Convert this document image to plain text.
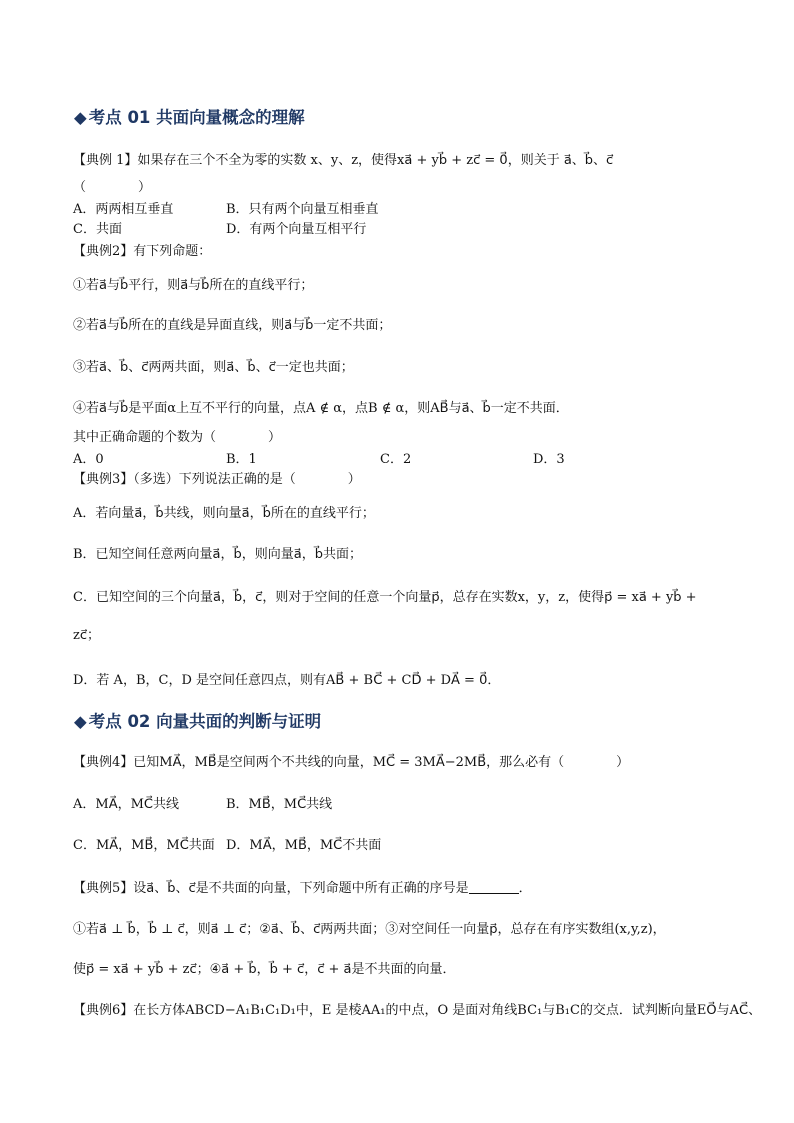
◆ 考点 01 共面向量概念的理解
【典例 1】如果存在三个不全为零的实数 x、y、z，使得xa⃗ + yb⃗ + zc⃗ = 0⃗，则关于 a⃗、b⃗、c⃗
（　　　　）
A．两两相互垂直	B．只有两个向量互相垂直
C．共面	D．有两个向量互相平行
【典例2】有下列命题：
①若a⃗与b⃗平行，则a⃗与b⃗所在的直线平行；
②若a⃗与b⃗所在的直线是异面直线，则a⃗与b⃗一定不共面；
③若a⃗、b⃗、c⃗两两共面，则a⃗、b⃗、c⃗一定也共面；
④若a⃗与b⃗是平面α上互不平行的向量，点A ∉ α，点B ∉ α，则AB⃗与a⃗、b⃗一定不共面．
其中正确命题的个数为（　　　　）
A．0	B．1	C．2	D．3
【典例3】（多选）下列说法正确的是（　　　　）
A．若向量a⃗，b⃗共线，则向量a⃗，b⃗所在的直线平行；
B．已知空间任意两向量a⃗，b⃗，则向量a⃗，b⃗共面；
C．已知空间的三个向量a⃗，b⃗，c⃗，则对于空间的任意一个向量p⃗，总存在实数x，y，z，使得p⃗ = xa⃗ + yb⃗ +
zc⃗；
D．若 A，B，C，D 是空间任意四点，则有AB⃗ + BC⃗ + CD⃗ + DA⃗ = 0⃗．
◆ 考点 02 向量共面的判断与证明
【典例4】已知MA⃗，MB⃗是空间两个不共线的向量，MC⃗ = 3MA⃗−2MB⃗，那么必有（　　　　）
A．MA⃗，MC⃗共线	B．MB⃗，MC⃗共线
C．MA⃗，MB⃗，MC⃗共面 D．MA⃗，MB⃗，MC⃗不共面
【典例5】设a⃗、b⃗、c⃗是不共面的向量，下列命题中所有正确的序号是	．
①若a⃗ ⊥ b⃗，b⃗ ⊥ c⃗，则a⃗ ⊥ c⃗；②a⃗、b⃗、c⃗两两共面；③对空间任一向量p⃗，总存在有序实数组(x,y,z)，
使p⃗ = xa⃗ + yb⃗ + zc⃗；④a⃗ + b⃗，b⃗ + c⃗，c⃗ + a⃗是不共面的向量．
【典例6】在长方体ABCD−A₁B₁C₁D₁中，E 是棱AA₁的中点，O 是面对角线BC₁与B₁C的交点．试判断向量EO⃗与AC⃗、
